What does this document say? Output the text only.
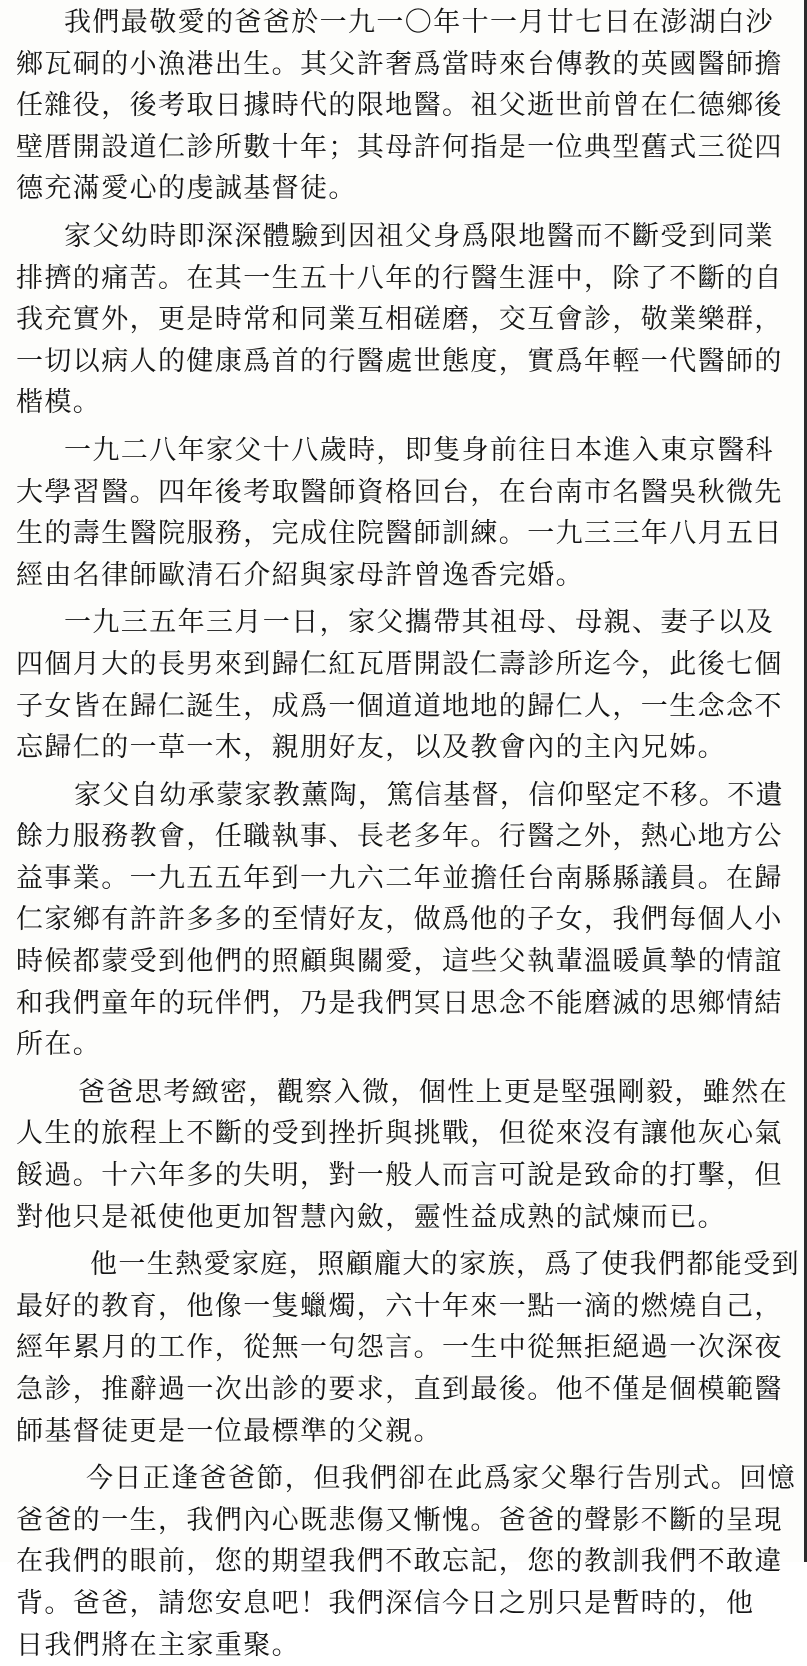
我們最敬愛的爸爸於一九一〇年十一月廿七日在澎湖白沙
鄉瓦硐的小漁港出生。其父許奢爲當時來台傳教的英國醫師擔
任雜役，後考取日據時代的限地醫。祖父逝世前曾在仁德鄉後
壁厝開設道仁診所數十年；其母許何指是一位典型舊式三從四
德充滿愛心的虔誠基督徒。

家父幼時即深深體驗到因祖父身爲限地醫而不斷受到同業
排擠的痛苦。在其一生五十八年的行醫生涯中，除了不斷的自
我充實外，更是時常和同業互相磋磨，交互會診，敬業樂群，
一切以病人的健康爲首的行醫處世態度，實爲年輕一代醫師的
楷模。

一九二八年家父十八歲時，即隻身前往日本進入東京醫科
大學習醫。四年後考取醫師資格回台，在台南市名醫吳秋微先
生的壽生醫院服務，完成住院醫師訓練。一九三三年八月五日
經由名律師歐清石介紹與家母許曾逸香完婚。

一九三五年三月一日，家父攜帶其祖母、母親、妻子以及
四個月大的長男來到歸仁紅瓦厝開設仁壽診所迄今，此後七個
子女皆在歸仁誕生，成爲一個道道地地的歸仁人，一生念念不
忘歸仁的一草一木，親朋好友，以及教會內的主內兄姊。

家父自幼承蒙家教薰陶，篤信基督，信仰堅定不移。不遺
餘力服務教會，任職執事、長老多年。行醫之外，熱心地方公
益事業。一九五五年到一九六二年並擔任台南縣縣議員。在歸
仁家鄉有許許多多的至情好友，做爲他的子女，我們每個人小
時候都蒙受到他們的照顧與關愛，這些父執輩溫暖眞摯的情誼
和我們童年的玩伴們，乃是我們冥日思念不能磨滅的思鄉情結
所在。

爸爸思考緻密，觀察入微，個性上更是堅强剛毅，雖然在
人生的旅程上不斷的受到挫折與挑戰，但從來沒有讓他灰心氣
餒過。十六年多的失明，對一般人而言可說是致命的打擊，但
對他只是祗使他更加智慧內斂，靈性益成熟的試煉而已。

他一生熱愛家庭，照顧龐大的家族，爲了使我們都能受到
最好的教育，他像一隻蠟燭，六十年來一點一滴的燃燒自己，
經年累月的工作，從無一句怨言。一生中從無拒絕過一次深夜
急診，推辭過一次出診的要求，直到最後。他不僅是個模範醫
師基督徒更是一位最標準的父親。

今日正逢爸爸節，但我們卻在此爲家父舉行告別式。回憶
爸爸的一生，我們內心既悲傷又慚愧。爸爸的聲影不斷的呈現
在我們的眼前，您的期望我們不敢忘記，您的教訓我們不敢違
背。爸爸，請您安息吧！我們深信今日之別只是暫時的，他
日我們將在主家重聚。
